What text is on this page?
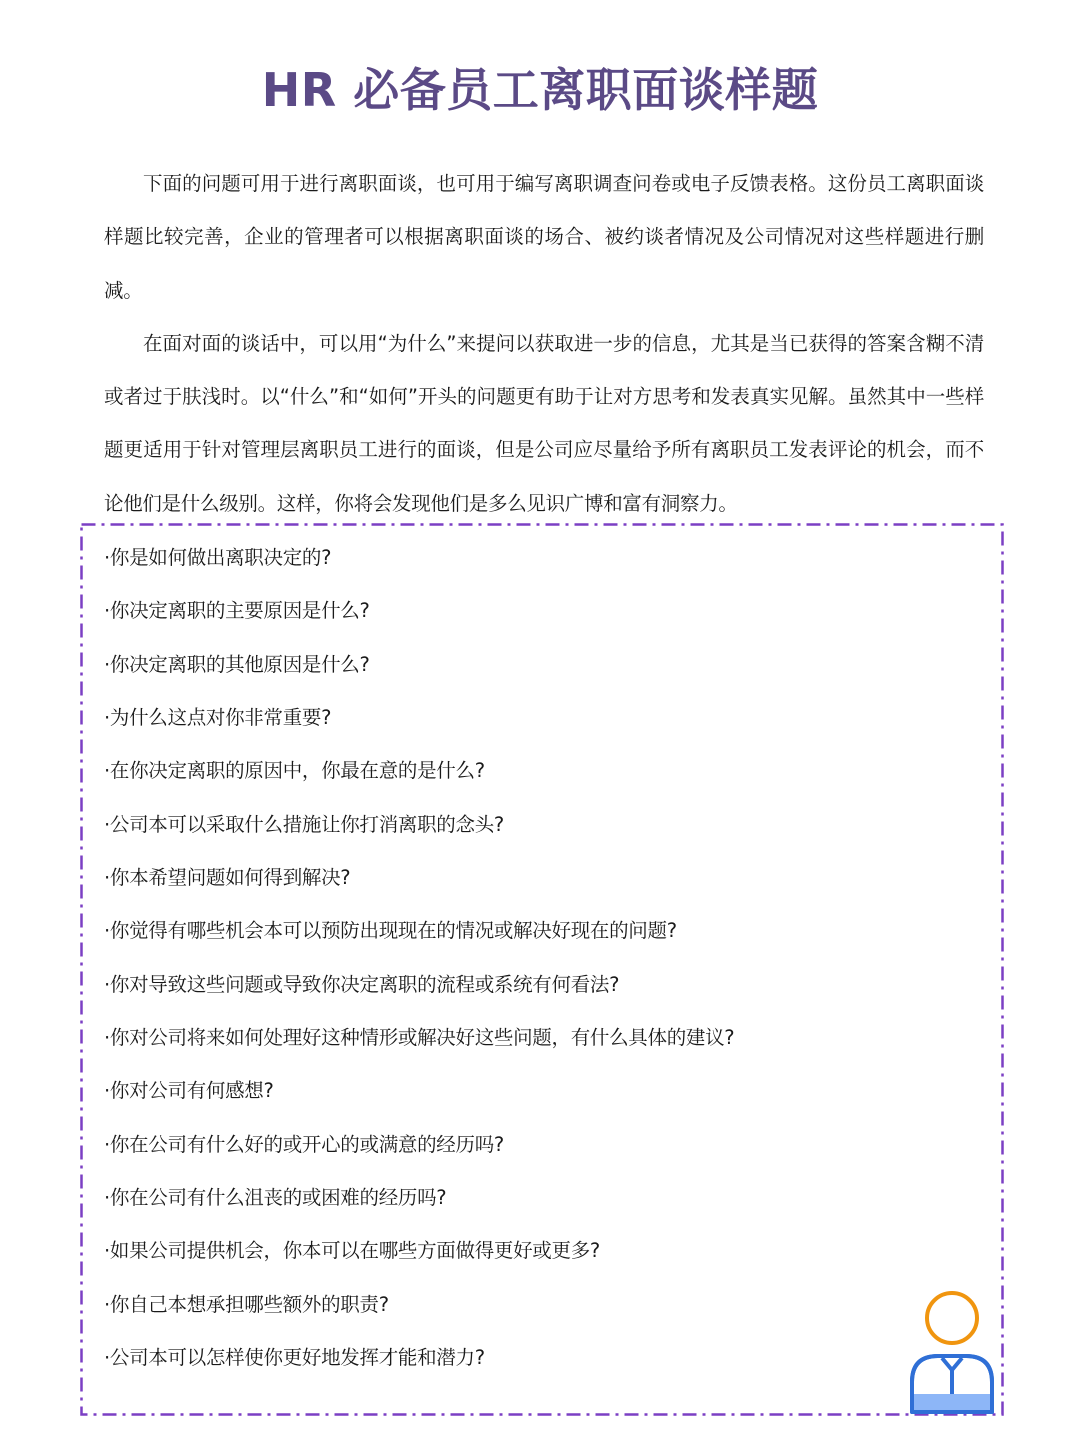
HR 必备员工离职面谈样题

下面的问题可用于进行离职面谈，也可用于编写离职调查问卷或电子反馈表格。这份员工离职面谈样题比较完善，企业的管理者可以根据离职面谈的场合、被约谈者情况及公司情况对这些样题进行删减。

在面对面的谈话中，可以用“为什么”来提问以获取进一步的信息，尤其是当已获得的答案含糊不清或者过于肤浅时。以“什么”和“如何”开头的问题更有助于让对方思考和发表真实见解。虽然其中一些样题更适用于针对管理层离职员工进行的面谈，但是公司应尽量给予所有离职员工发表评论的机会，而不论他们是什么级别。这样，你将会发现他们是多么见识广博和富有洞察力。

·你是如何做出离职决定的?
·你决定离职的主要原因是什么?
·你决定离职的其他原因是什么?
·为什么这点对你非常重要?
·在你决定离职的原因中，你最在意的是什么?
·公司本可以采取什么措施让你打消离职的念头?
·你本希望问题如何得到解决?
·你觉得有哪些机会本可以预防出现现在的情况或解决好现在的问题?
·你对导致这些问题或导致你决定离职的流程或系统有何看法?
·你对公司将来如何处理好这种情形或解决好这些问题，有什么具体的建议?
·你对公司有何感想?
·你在公司有什么好的或开心的或满意的经历吗?
·你在公司有什么沮丧的或困难的经历吗?
·如果公司提供机会，你本可以在哪些方面做得更好或更多?
·你自己本想承担哪些额外的职责?
·公司本可以怎样使你更好地发挥才能和潜力?
